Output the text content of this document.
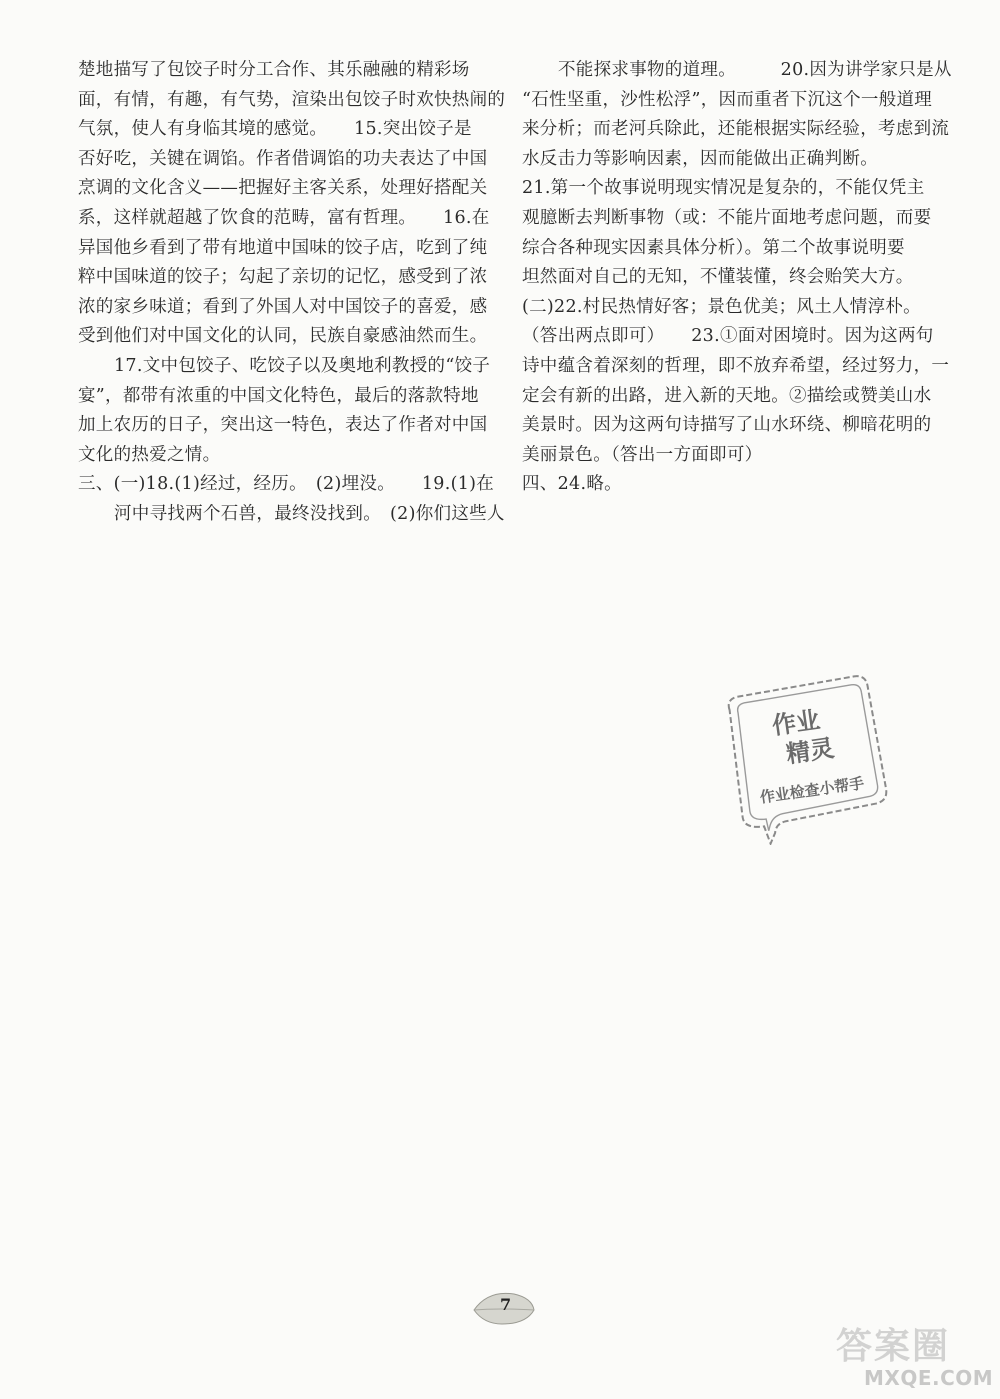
楚地描写了包饺子时分工合作、其乐融融的精彩场
面，有情，有趣，有气势，渲染出包饺子时欢快热闹的
气氛，使人有身临其境的感觉。　　15.突出饺子是
否好吃，关键在调馅。作者借调馅的功夫表达了中国
烹调的文化含义——把握好主客关系，处理好搭配关
系，这样就超越了饮食的范畴，富有哲理。　　16.在
异国他乡看到了带有地道中国味的饺子店，吃到了纯
粹中国味道的饺子；勾起了亲切的记忆，感受到了浓
浓的家乡味道；看到了外国人对中国饺子的喜爱，感
受到他们对中国文化的认同，民族自豪感油然而生。
17.文中包饺子、吃饺子以及奥地利教授的“饺子
宴”，都带有浓重的中国文化特色，最后的落款特地
加上农历的日子，突出这一特色，表达了作者对中国
文化的热爱之情。
三、(一)18.(1)经过，经历。　(2)埋没。　　19.(1)在
河中寻找两个石兽，最终没找到。　(2)你们这些人
不能探求事物的道理。　　　20.因为讲学家只是从
“石性坚重，沙性松浮”，因而重者下沉这个一般道理
来分析；而老河兵除此，还能根据实际经验，考虑到流
水反击力等影响因素，因而能做出正确判断。
21.第一个故事说明现实情况是复杂的，不能仅凭主
观臆断去判断事物（或：不能片面地考虑问题，而要
综合各种现实因素具体分析）。第二个故事说明要
坦然面对自己的无知，不懂装懂，终会贻笑大方。
(二)22.村民热情好客；景色优美；风土人情淳朴。
（答出两点即可）　　23.①面对困境时。因为这两句
诗中蕴含着深刻的哲理，即不放弃希望，经过努力，一
定会有新的出路，进入新的天地。②描绘或赞美山水
美景时。因为这两句诗描写了山水环绕、柳暗花明的
美丽景色。（答出一方面即可）
四、24.略。
作业
精灵
作业检查小帮手
7
答案圈
MXQE.COM
